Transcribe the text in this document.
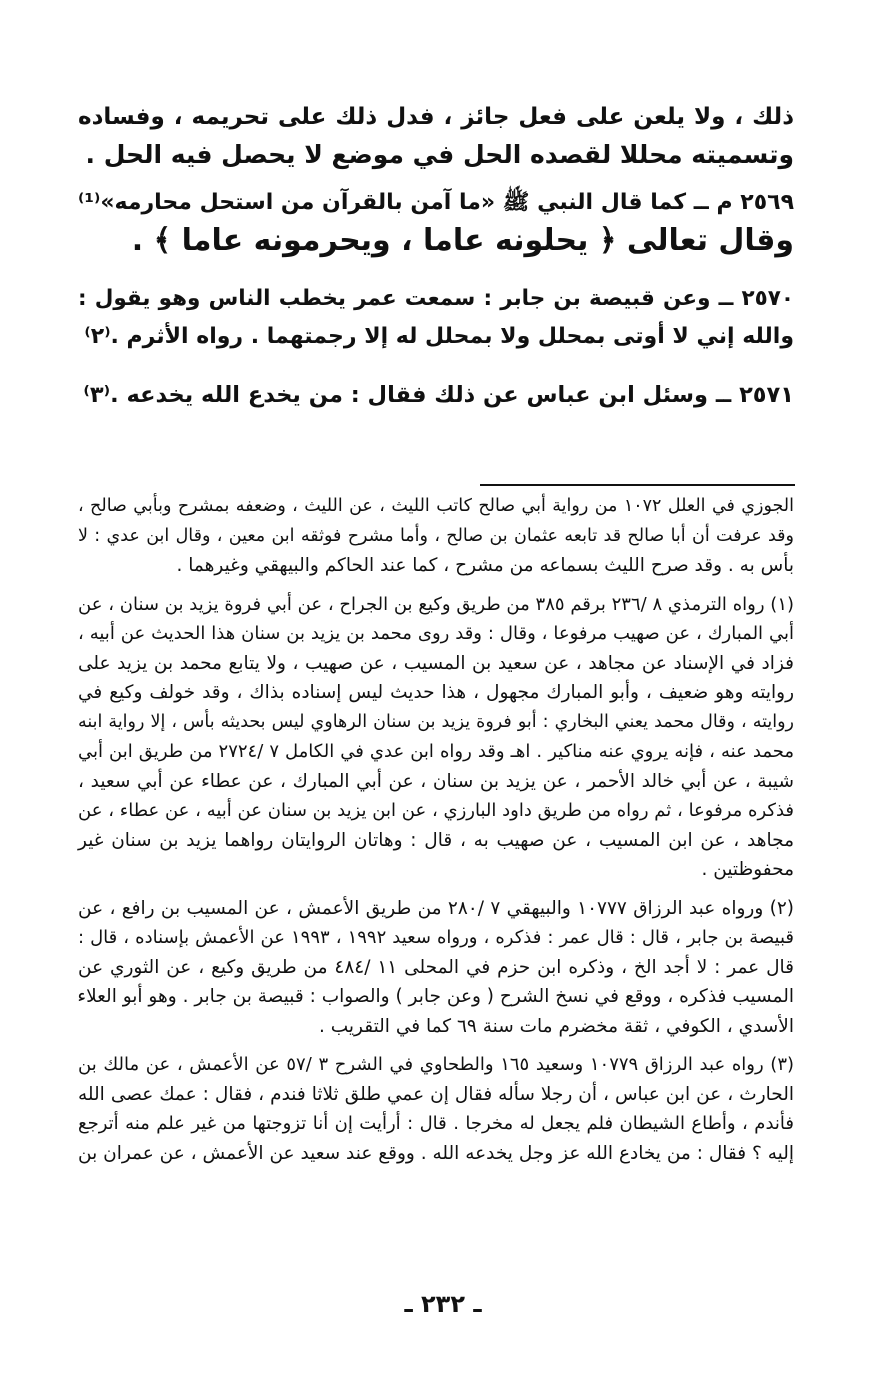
ذلك ، ولا يلعن على فعل جائز ، فدل ذلك على تحريمه ، وفساده
وتسميته محللا لقصده الحل في موضع لا يحصل فيه الحل .
٢٥٦٩ م ــ كما قال النبي ﷺ «ما آمن بالقرآن من استحل محارمه»⁽¹⁾
وقال تعالى ﴿ يحلونه عاما ، ويحرمونه عاما ﴾ .
٢٥٧٠ ــ وعن قبيصة بن جابر : سمعت عمر يخطب الناس وهو يقول :
والله إني لا أوتى بمحلل ولا بمحلل له إلا رجمتهما . رواه الأثرم .⁽٢⁾
٢٥٧١ ــ وسئل ابن عباس عن ذلك فقال : من يخدع الله يخدعه .⁽٣⁾
الجوزي في العلل ١٠٧٢ من رواية أبي صالح كاتب الليث ، عن الليث ، وضعفه بمشرح وبأبي صالح ،
وقد عرفت أن أبا صالح قد تابعه عثمان بن صالح ، وأما مشرح فوثقه ابن معين ، وقال ابن عدي : لا
بأس به . وقد صرح الليث بسماعه من مشرح ، كما عند الحاكم والبيهقي وغيرهما .
(١) رواه الترمذي ٨ /٢٣٦ برقم ٣٨٥ من طريق وكيع بن الجراح ، عن أبي فروة يزيد بن سنان ، عن
أبي المبارك ، عن صهيب مرفوعا ، وقال : وقد روى محمد بن يزيد بن سنان هذا الحديث عن أبيه ،
فزاد في الإسناد عن مجاهد ، عن سعيد بن المسيب ، عن صهيب ، ولا يتابع محمد بن يزيد على
روايته وهو ضعيف ، وأبو المبارك مجهول ، هذا حديث ليس إسناده بذاك ، وقد خولف وكيع في
روايته ، وقال محمد يعني البخاري : أبو فروة يزيد بن سنان الرهاوي ليس بحديثه بأس ، إلا رواية ابنه
محمد عنه ، فإنه يروي عنه مناكير . اهـ وقد رواه ابن عدي في الكامل ٧ /٢٧٢٤ من طريق ابن أبي
شيبة ، عن أبي خالد الأحمر ، عن يزيد بن سنان ، عن أبي المبارك ، عن عطاء عن أبي سعيد ،
فذكره مرفوعا ، ثم رواه من طريق داود البارزي ، عن ابن يزيد بن سنان عن أبيه ، عن عطاء ، عن
مجاهد ، عن ابن المسيب ، عن صهيب به ، قال : وهاتان الروايتان رواهما يزيد بن سنان غير
محفوظتين .
(٢) ورواه عبد الرزاق ١٠٧٧٧ والبيهقي ٧ /٢٨٠ من طريق الأعمش ، عن المسيب بن رافع ، عن
قبيصة بن جابر ، قال : قال عمر : فذكره ، ورواه سعيد ١٩٩٢ ، ١٩٩٣ عن الأعمش بإسناده ، قال :
قال عمر : لا أجد الخ ، وذكره ابن حزم في المحلى ١١ /٤٨٤ من طريق وكيع ، عن الثوري عن
المسيب فذكره ، ووقع في نسخ الشرح ( وعن جابر ) والصواب : قبيصة بن جابر . وهو أبو العلاء
الأسدي ، الكوفي ، ثقة مخضرم مات سنة ٦٩ كما في التقريب .
(٣) رواه عبد الرزاق ١٠٧٧٩ وسعيد ١٦٥ والطحاوي في الشرح ٣ /٥٧ عن الأعمش ، عن مالك بن
الحارث ، عن ابن عباس ، أن رجلا سأله فقال إن عمي طلق ثلاثا فندم ، فقال : عمك عصى الله
فأندم ، وأطاع الشيطان فلم يجعل له مخرجا . قال : أرأيت إن أنا تزوجتها من غير علم منه أترجع
إليه ؟ فقال : من يخادع الله عز وجل يخدعه الله . ووقع عند سعيد عن الأعمش ، عن عمران بن
ـ ٢٣٢ ـ
